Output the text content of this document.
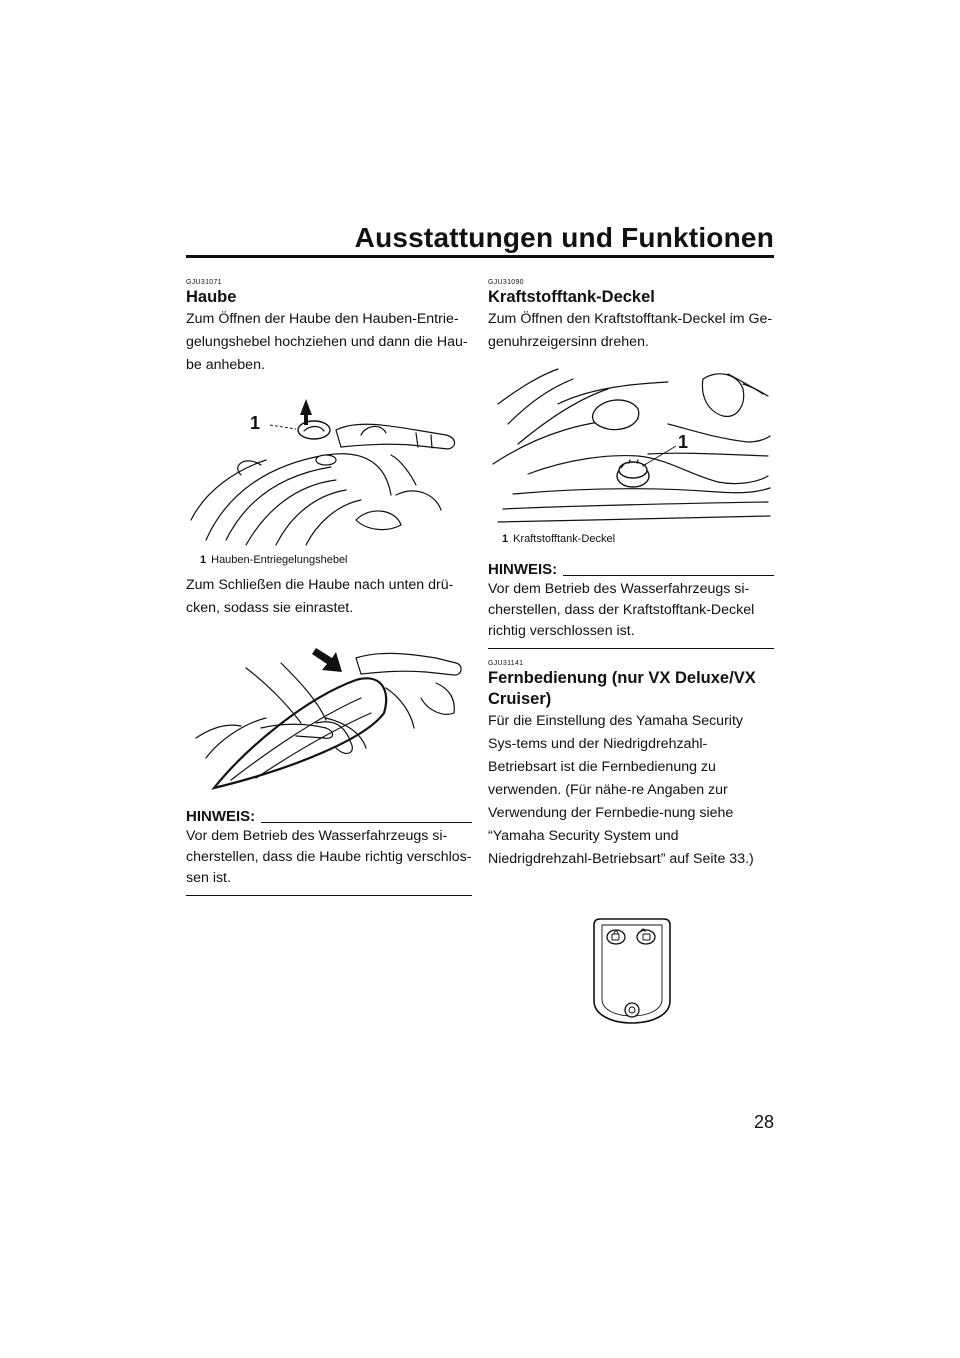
Ausstattungen und Funktionen

GJU31071

Haube

Zum Öffnen der Haube den Hauben-Entrie-gelungshebel hochziehen und dann die Hau-be anheben.

1

1 Hauben-Entriegelungshebel

Zum Schließen die Haube nach unten drü-cken, sodass sie einrastet.

HINWEIS:

Vor dem Betrieb des Wasserfahrzeugs si-cherstellen, dass die Haube richtig verschlos-sen ist.

GJU31090

Kraftstofftank-Deckel

Zum Öffnen den Kraftstofftank-Deckel im Ge-genuhrzeigersinn drehen.

1

1 Kraftstofftank-Deckel

HINWEIS:

Vor dem Betrieb des Wasserfahrzeugs si-cherstellen, dass der Kraftstofftank-Deckel richtig verschlossen ist.

GJU31141

Fernbedienung (nur VX Deluxe/VX Cruiser)

Für die Einstellung des Yamaha Security Sys-tems und der Niedrigdrehzahl-Betriebsart ist die Fernbedienung zu verwenden. (Für nähe-re Angaben zur Verwendung der Fernbedie-nung siehe “Yamaha Security System und Niedrigdrehzahl-Betriebsart” auf Seite 33.)

28
